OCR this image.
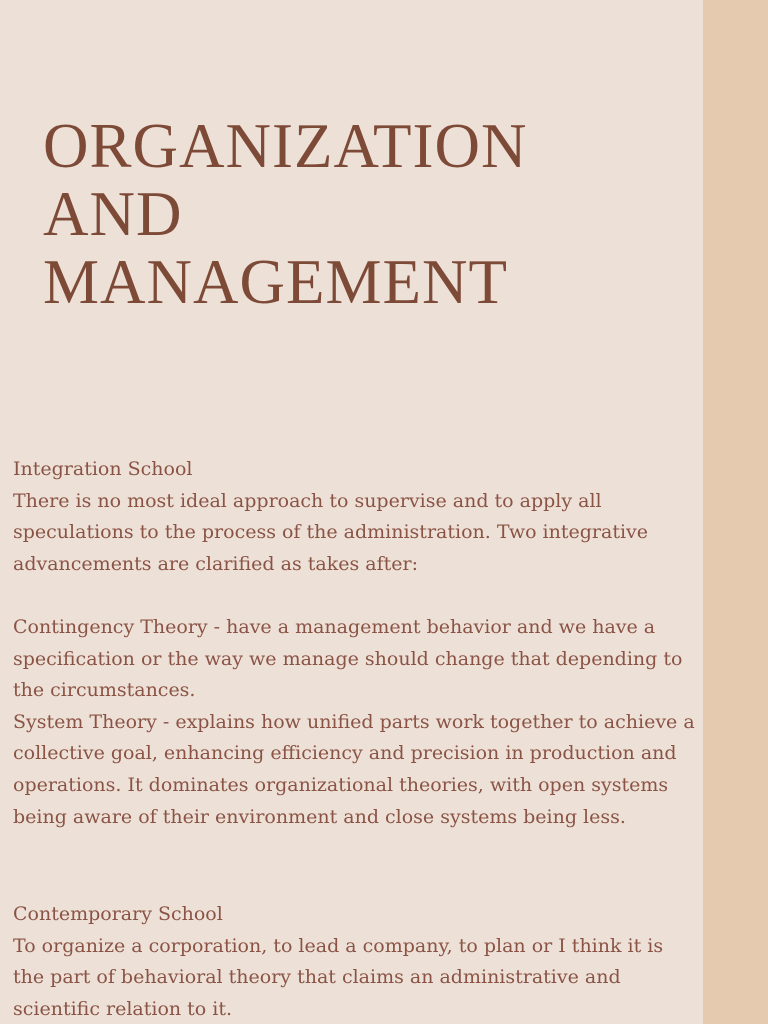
ORGANIZATION
AND
MANAGEMENT
Integration School
There is no most ideal approach to supervise and to apply all
speculations to the process of the administration. Two integrative
advancements are clarified as takes after:
Contingency Theory - have a management behavior and we have a
specification or the way we manage should change that depending to
the circumstances.
System Theory - explains how unified parts work together to achieve a
collective goal, enhancing efficiency and precision in production and
operations. It dominates organizational theories, with open systems
being aware of their environment and close systems being less.
Contemporary School
To organize a corporation, to lead a company, to plan or I think it is
the part of behavioral theory that claims an administrative and
scientific relation to it.
